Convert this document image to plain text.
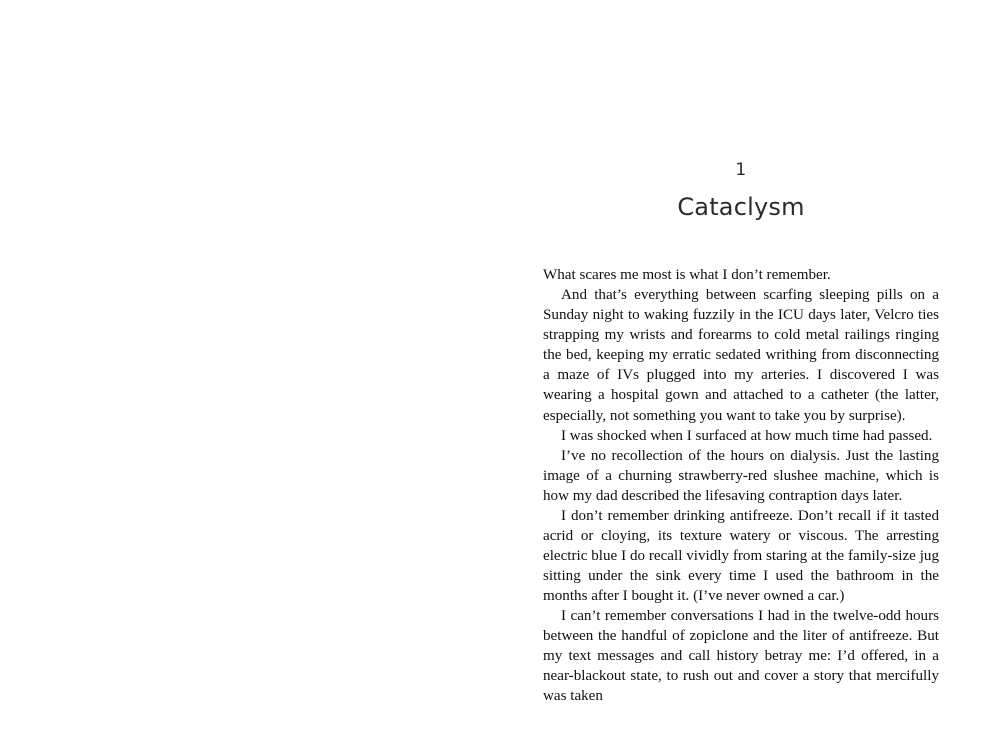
1
Cataclysm

What scares me most is what I don’t remember.

And that’s everything between scarfing sleeping pills on a Sunday night to waking fuzzily in the ICU days later, Velcro ties strapping my wrists and forearms to cold metal railings ringing the bed, keeping my erratic sedated writhing from disconnecting a maze of IVs plugged into my arteries. I discovered I was wearing a hospital gown and attached to a catheter (the latter, especially, not something you want to take you by surprise).

I was shocked when I surfaced at how much time had passed.

I’ve no recollection of the hours on dialysis. Just the lasting image of a churning strawberry-red slushee machine, which is how my dad described the lifesaving contraption days later.

I don’t remember drinking antifreeze. Don’t recall if it tasted acrid or cloying, its texture watery or viscous. The arresting electric blue I do recall vividly from staring at the family-size jug sitting under the sink every time I used the bathroom in the months after I bought it. (I’ve never owned a car.)

I can’t remember conversations I had in the twelve-odd hours between the handful of zopiclone and the liter of antifreeze. But my text messages and call history betray me: I’d offered, in a near-blackout state, to rush out and cover a story that mercifully was taken
